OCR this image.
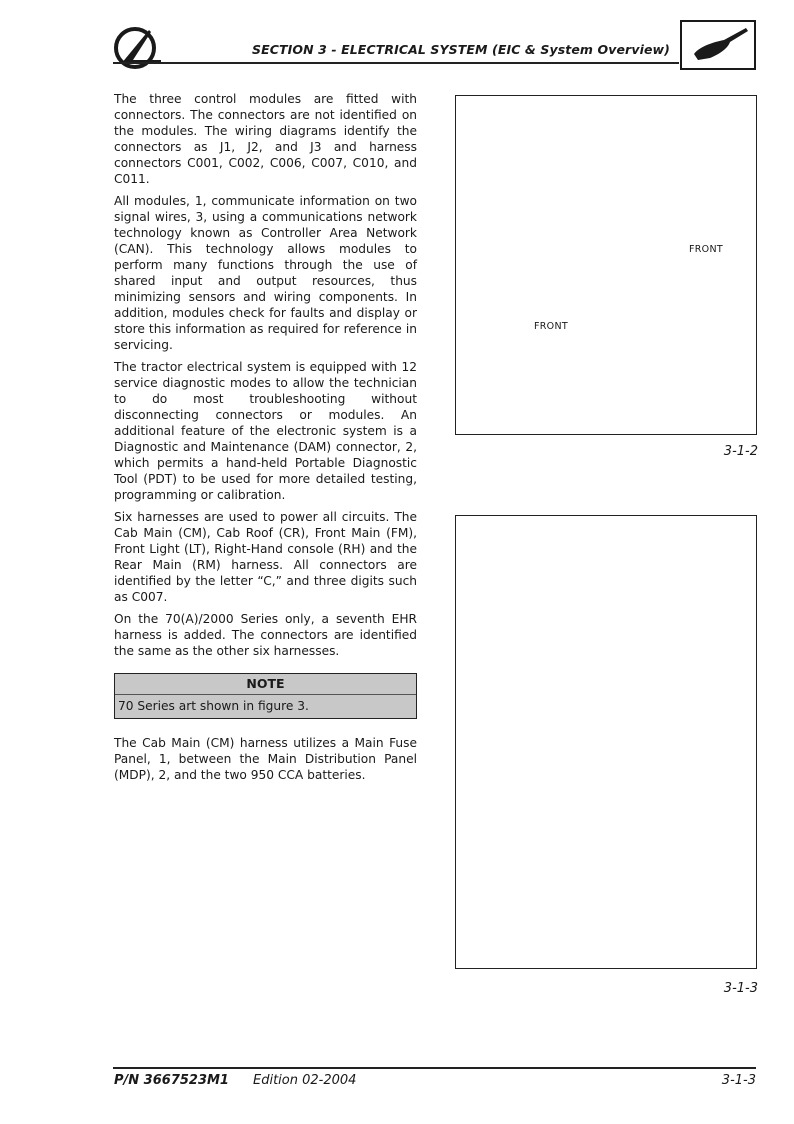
SECTION 3 - ELECTRICAL SYSTEM (EIC & System Overview)

The three control modules are fitted with connectors. The connectors are not identified on the modules. The wiring diagrams identify the connectors as J1, J2, and J3 and harness connectors C001, C002, C006, C007, C010, and C011.

All modules, 1, communicate information on two signal wires, 3, using a communications network technology known as Controller Area Network (CAN). This technology allows modules to perform many functions through the use of shared input and output resources, thus minimizing sensors and wiring components. In addition, modules check for faults and display or store this information as required for reference in servicing.

The tractor electrical system is equipped with 12 service diagnostic modes to allow the technician to do most troubleshooting without disconnecting connectors or modules. An additional feature of the electronic system is a Diagnostic and Maintenance (DAM) connector, 2, which permits a hand-held Portable Diagnostic Tool (PDT) to be used for more detailed testing, programming or calibration.

Six harnesses are used to power all circuits. The Cab Main (CM), Cab Roof (CR), Front Main (FM), Front Light (LT), Right-Hand console (RH) and the Rear Main (RM) harness. All connectors are identified by the letter “C,” and three digits such as C007.

On the 70(A)/2000 Series only, a seventh EHR harness is added. The connectors are identified the same as the other six harnesses.

NOTE
70 Series art shown in figure 3.

The Cab Main (CM) harness utilizes a Main Fuse Panel, 1, between the Main Distribution Panel (MDP), 2, and the two 950 CCA batteries.

FRONT
FRONT
3-1-2
3-1-3
P/N 3667523M1 Edition 02-2004	3-1-3
